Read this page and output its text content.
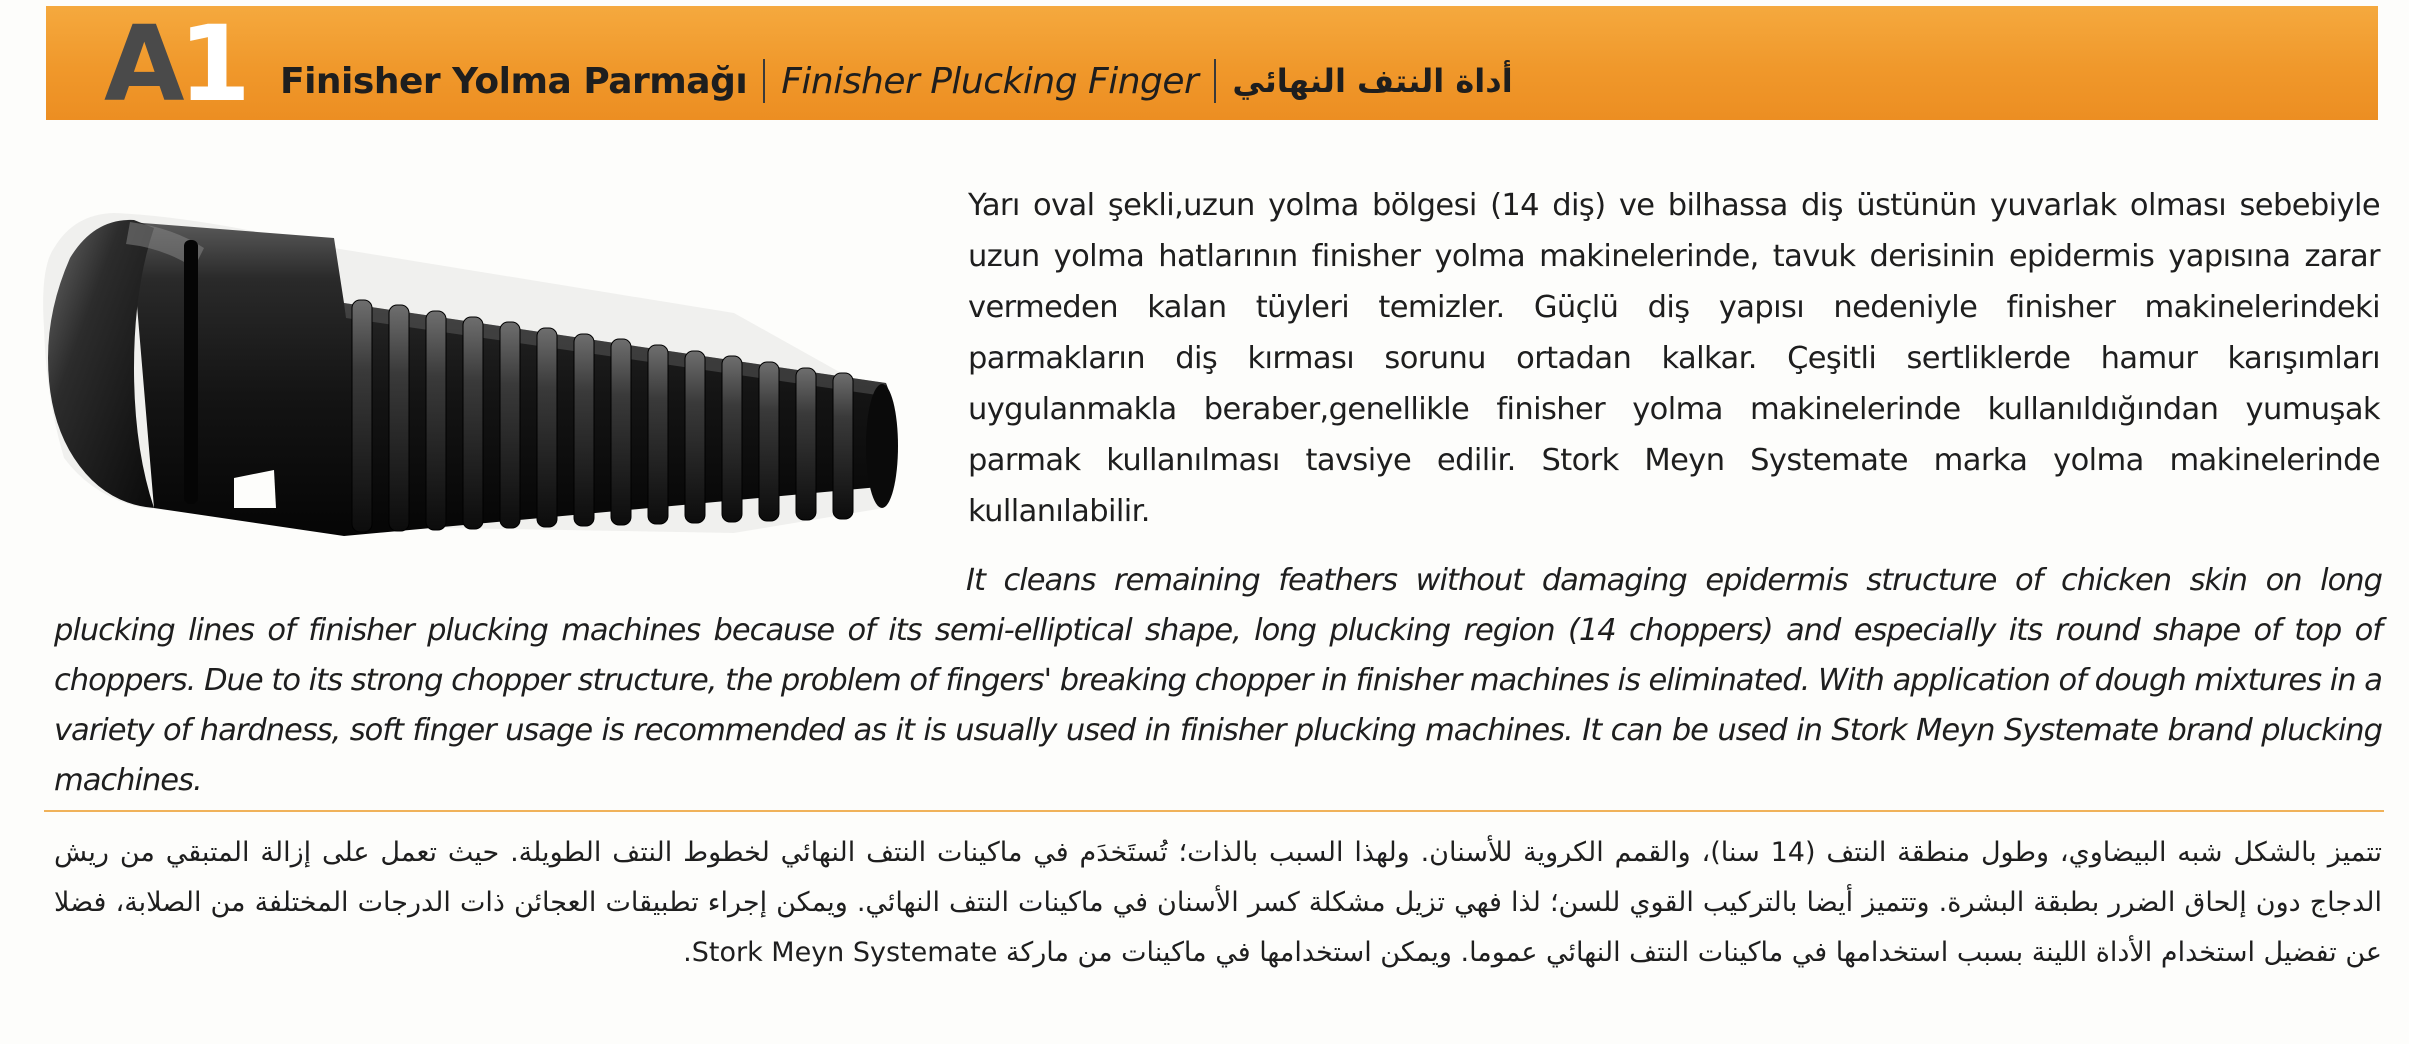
A1 Finisher Yolma Parmağı Finisher Plucking Finger أداة النتف النهائي

Yarı oval şekli,uzun yolma bölgesi (14 diş) ve bilhassa diş üstünün yuvarlak olması sebebiyle uzun yolma hatlarının finisher yolma makinelerinde, tavuk derisinin epidermis yapısına zarar vermeden kalan tüyleri temizler. Güçlü diş yapısı nedeniyle finisher makinelerindeki parmakların diş kırması sorunu ortadan kalkar. Çeşitli sertliklerde hamur karışımları uygulanmakla beraber,genellikle finisher yolma makinelerinde kullanıldığından yumuşak parmak kullanılması tavsiye edilir. Stork Meyn Systemate marka yolma makinelerinde kullanılabilir.

It cleans remaining feathers without damaging epidermis structure of chicken skin on long plucking lines of finisher plucking machines because of its semi-elliptical shape, long plucking region (14 choppers) and especially its round shape of top of choppers. Due to its strong chopper structure, the problem of fingers' breaking chopper in finisher machines is eliminated. With application of dough mixtures in a variety of hardness, soft finger usage is recommended as it is usually used in finisher plucking machines. It can be used in Stork Meyn Systemate brand plucking machines.

تتميز بالشكل شبه البيضاوي، وطول منطقة النتف (14 سنا)، والقمم الكروية للأسنان. ولهذا السبب بالذات؛ تُستَخدَم في ماكينات النتف النهائي لخطوط النتف الطويلة. حيث تعمل على إزالة المتبقي من ريش الدجاج دون إلحاق الضرر بطبقة البشرة. وتتميز أيضا بالتركيب القوي للسن؛ لذا فهي تزيل مشكلة كسر الأسنان في ماكينات النتف النهائي. ويمكن إجراء تطبيقات العجائن ذات الدرجات المختلفة من الصلابة، فضلا عن تفضيل استخدام الأداة اللينة بسبب استخدامها في ماكينات النتف النهائي عموما. ويمكن استخدامها في ماكينات من ماركة Stork Meyn Systemate.
